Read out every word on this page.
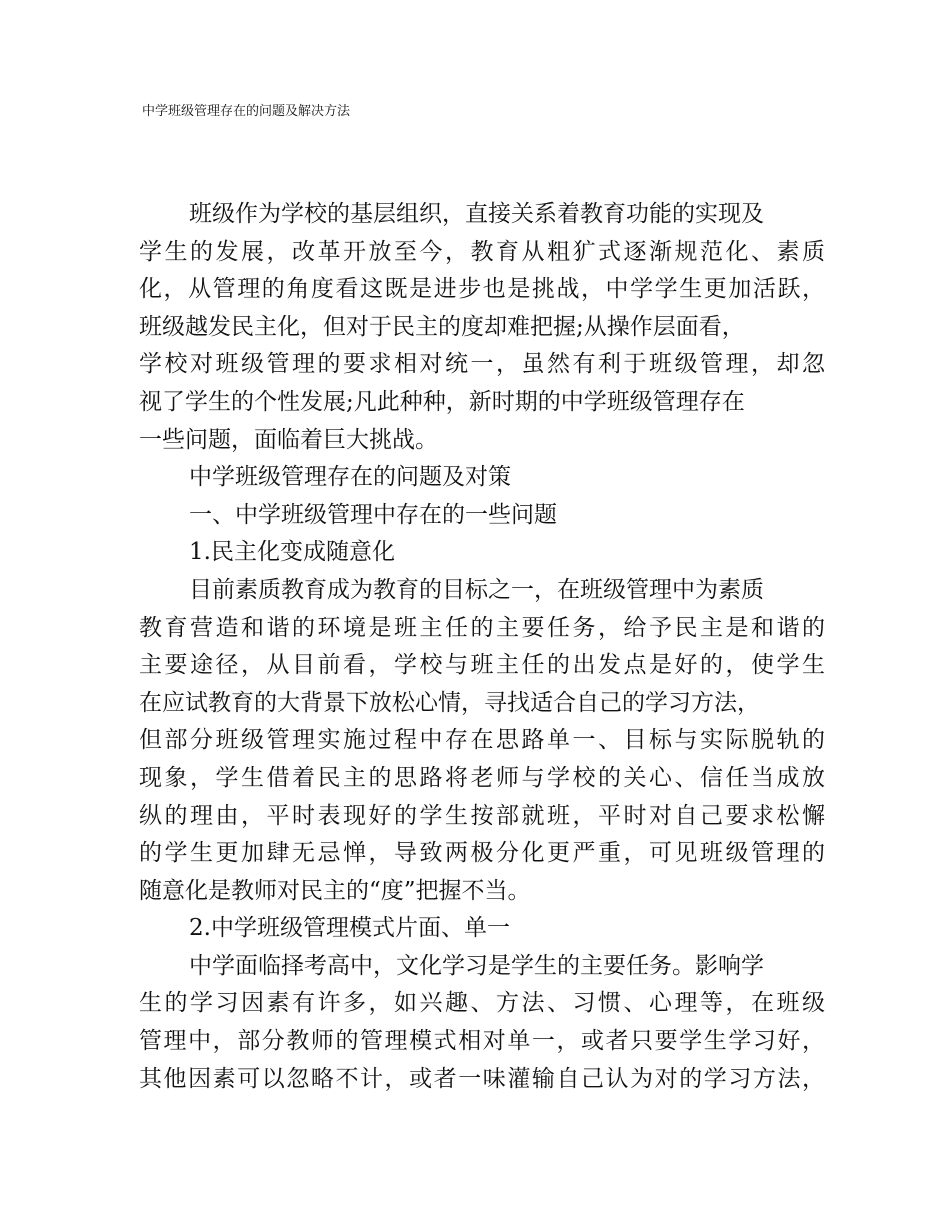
中学班级管理存在的问题及解决方法
班级作为学校的基层组织，直接关系着教育功能的实现及
学生的发展，改革开放至今，教育从粗犷式逐渐规范化、素质
化，从管理的角度看这既是进步也是挑战，中学学生更加活跃，
班级越发民主化，但对于民主的度却难把握;从操作层面看，
学校对班级管理的要求相对统一，虽然有利于班级管理，却忽
视了学生的个性发展;凡此种种，新时期的中学班级管理存在
一些问题，面临着巨大挑战。
中学班级管理存在的问题及对策
一、中学班级管理中存在的一些问题
1.民主化变成随意化
目前素质教育成为教育的目标之一，在班级管理中为素质
教育营造和谐的环境是班主任的主要任务，给予民主是和谐的
主要途径，从目前看，学校与班主任的出发点是好的，使学生
在应试教育的大背景下放松心情，寻找适合自己的学习方法，
但部分班级管理实施过程中存在思路单一、目标与实际脱轨的
现象，学生借着民主的思路将老师与学校的关心、信任当成放
纵的理由，平时表现好的学生按部就班，平时对自己要求松懈
的学生更加肆无忌惮，导致两极分化更严重，可见班级管理的
随意化是教师对民主的“度”把握不当。
2.中学班级管理模式片面、单一
中学面临择考高中，文化学习是学生的主要任务。影响学
生的学习因素有许多，如兴趣、方法、习惯、心理等，在班级
管理中，部分教师的管理模式相对单一，或者只要学生学习好，
其他因素可以忽略不计，或者一味灌输自己认为对的学习方法，
